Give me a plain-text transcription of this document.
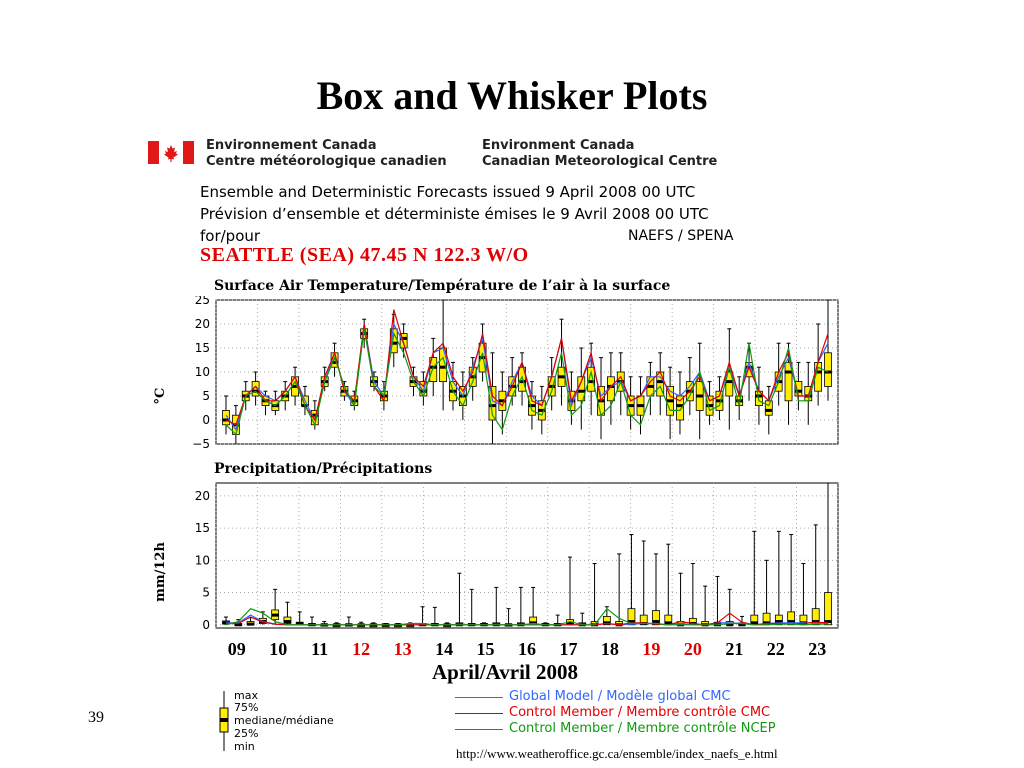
Box and Whisker Plots
Environnement Canada
Centre météorologique canadien
Environment Canada
Canadian Meteorological Centre
Ensemble and Deterministic Forecasts issued 9 April 2008 00 UTC
Prévision d’ensemble et déterministe émises le 9 Avril 2008 00 UTC
for/pour	NAEFS / SPENA
SEATTLE (SEA) 47.45 N 122.3 W/O
Surface Air Temperature/Température de l’air à la surface
25
20
15
10
5
0
−5
°C
Precipitation/Précipitations
20
15
10
5
0
mm/12h
09 10 11 12 13 14 15 16 17 18 19 20 21 22 23
April/Avril 2008
max
75%
mediane/médiane
25%
min
Global Model / Modèle global CMC
Control Member / Membre contrôle CMC
Control Member / Membre contrôle NCEP
39
http://www.weatheroffice.gc.ca/ensemble/index_naefs_e.html
